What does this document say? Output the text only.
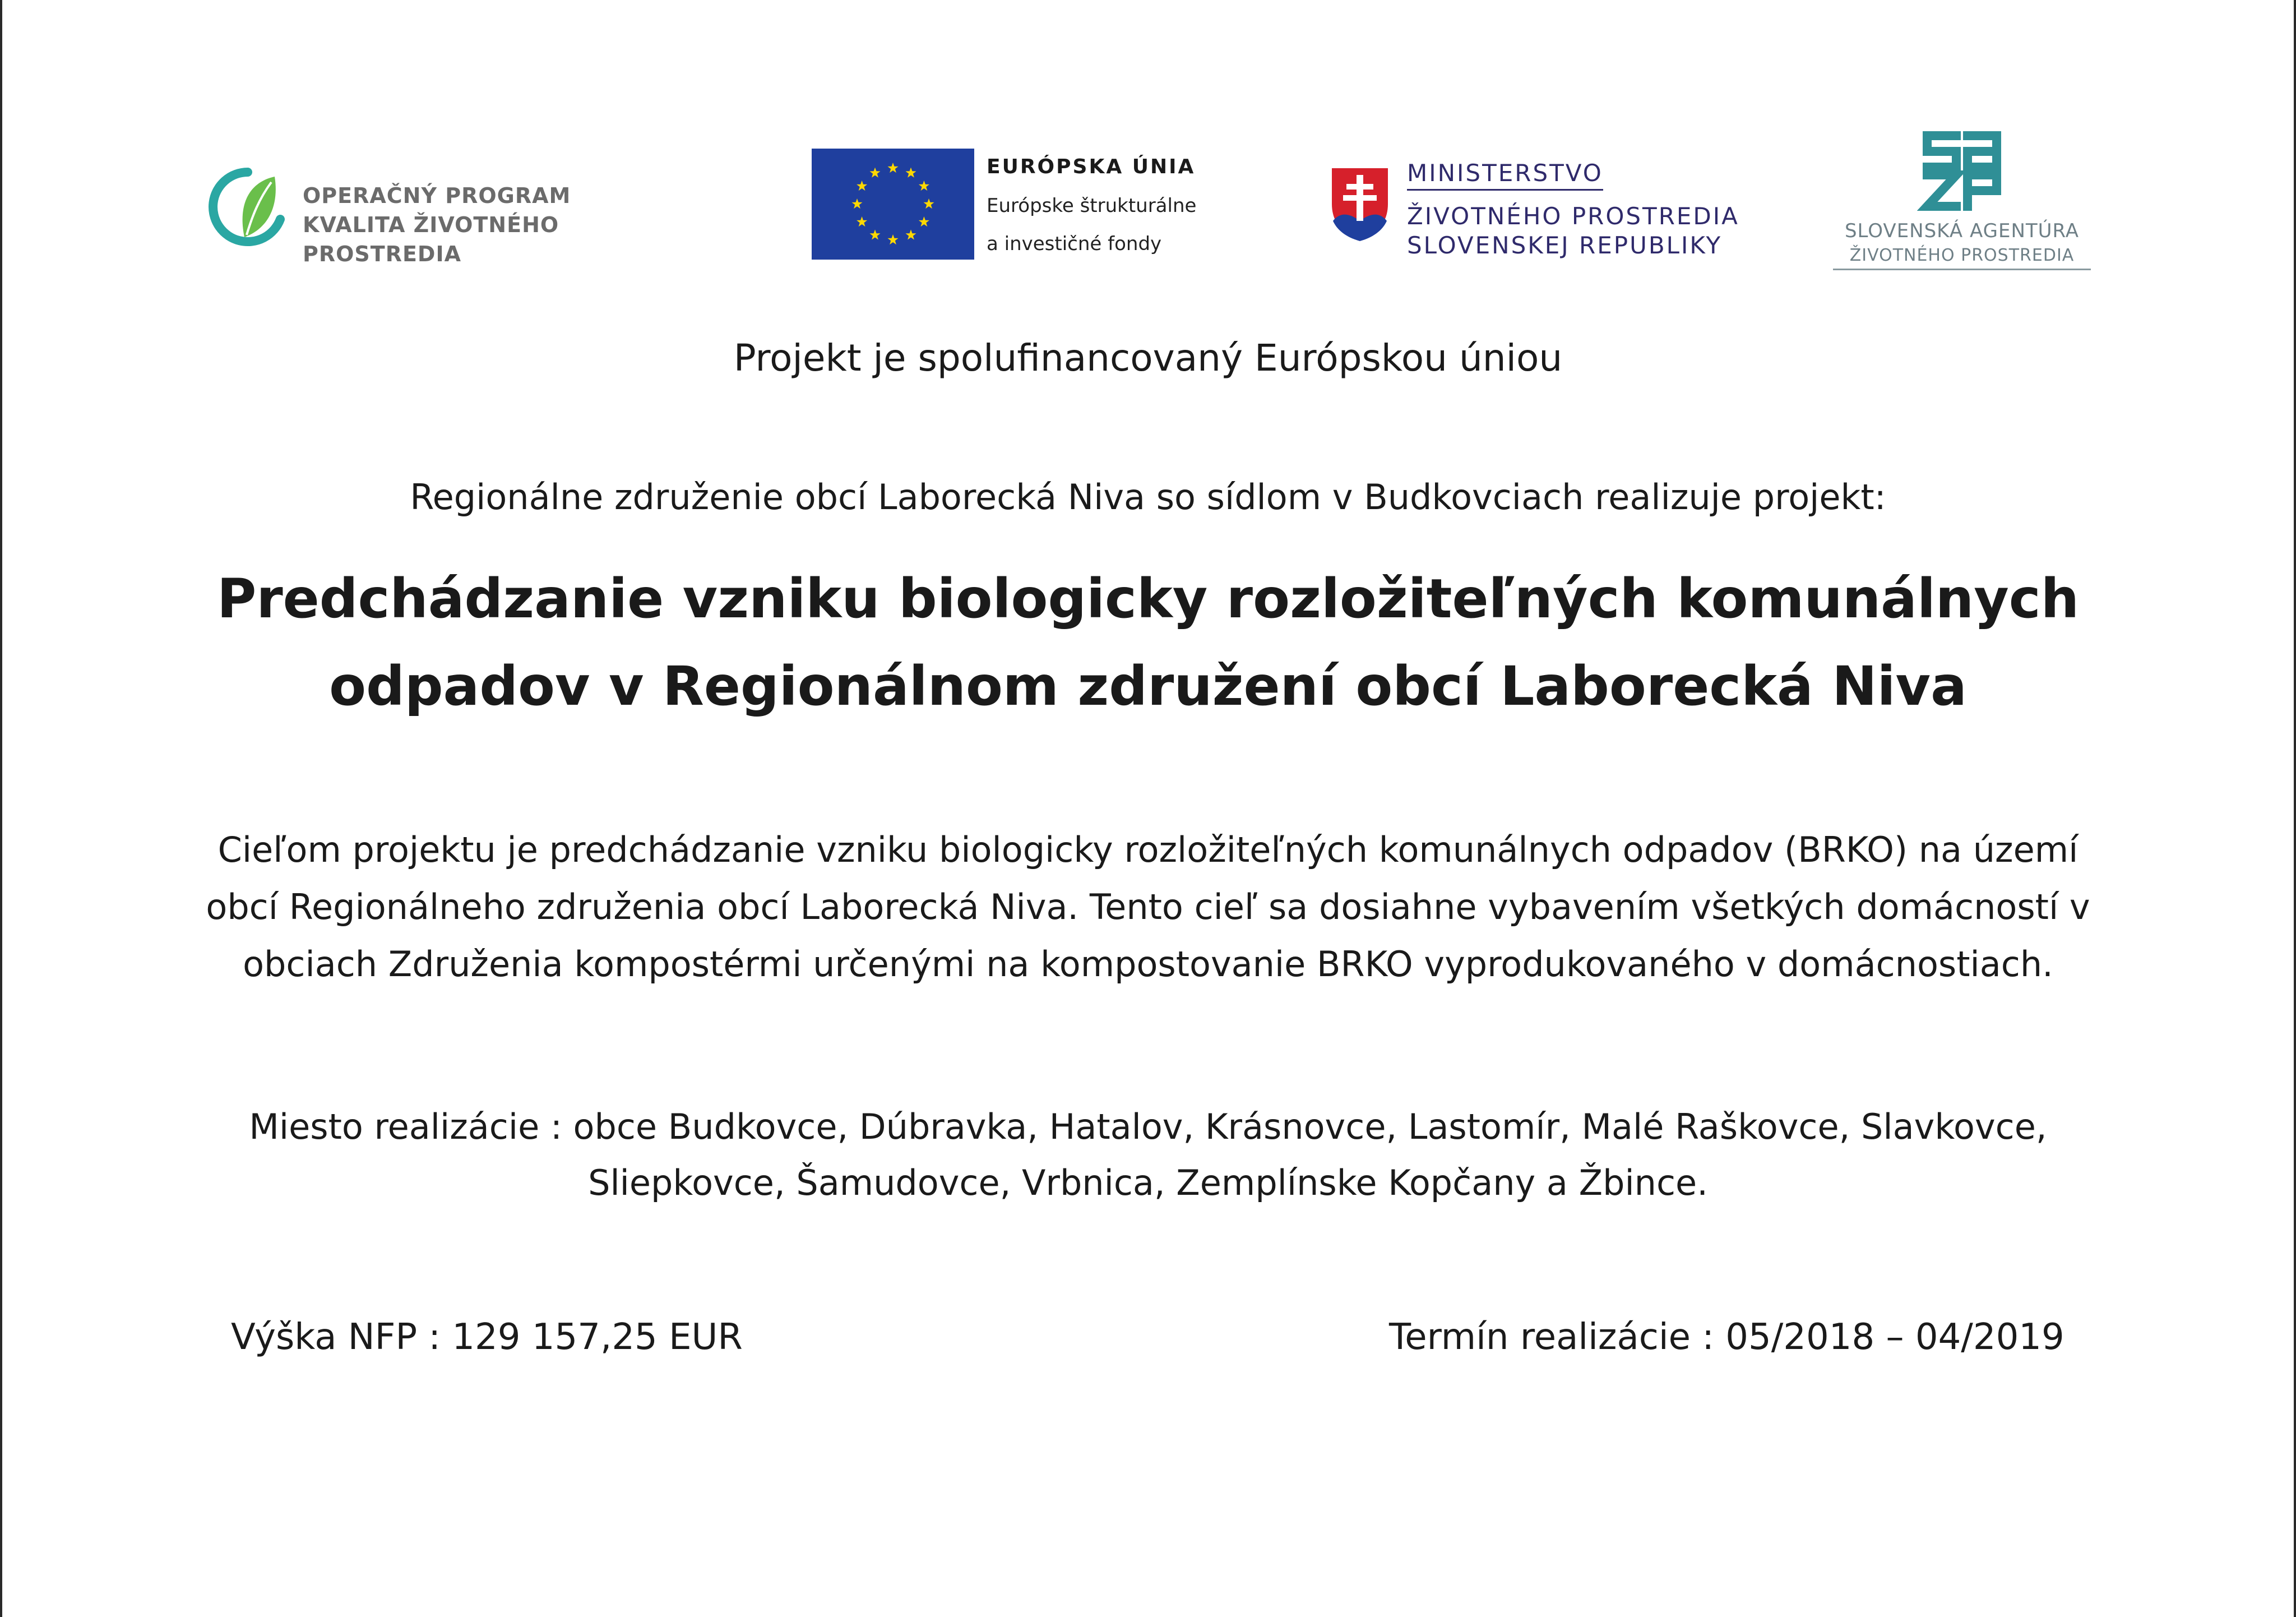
OPERAČNÝ PROGRAM
KVALITA ŽIVOTNÉHO PROSTREDIA
EURÓPSKA ÚNIA
Európske štrukturálne
a investičné fondy
MINISTERSTVO
ŽIVOTNÉHO PROSTREDIA
SLOVENSKEJ REPUBLIKY
SLOVENSKÁ AGENTÚRA
ŽIVOTNÉHO PROSTREDIA
Projekt je spolufinancovaný Európskou úniou
Regionálne združenie obcí Laborecká Niva so sídlom v Budkovciach realizuje projekt:
Predchádzanie vzniku biologicky rozložiteľných komunálnych
odpadov v Regionálnom združení obcí Laborecká Niva
Cieľom projektu je predchádzanie vzniku biologicky rozložiteľných komunálnych odpadov (BRKO) na území
obcí Regionálneho združenia obcí Laborecká Niva. Tento cieľ sa dosiahne vybavením všetkých domácností v
obciach Združenia kompostérmi určenými na kompostovanie BRKO vyprodukovaného v domácnostiach.
Miesto realizácie : obce Budkovce, Dúbravka, Hatalov, Krásnovce, Lastomír, Malé Raškovce, Slavkovce,
Sliepkovce, Šamudovce, Vrbnica, Zemplínske Kopčany a Žbince.
Výška NFP : 129 157,25 EUR	Termín realizácie : 05/2018 – 04/2019
